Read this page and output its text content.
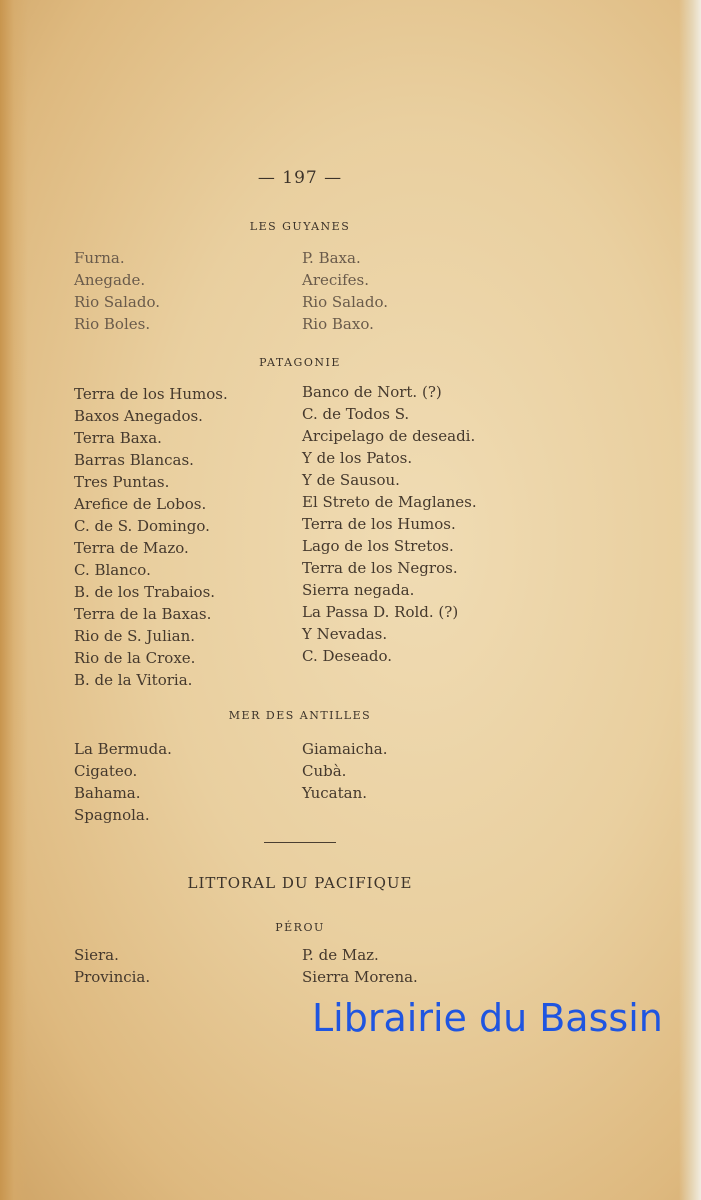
— 197 —
LES GUYANES
Furna.
Anegade.
Rio Salado.
Rio Boles.
P. Baxa.
Arecifes.
Rio Salado.
Rio Baxo.
PATAGONIE
Terra de los Humos.
Baxos Anegados.
Terra Baxa.
Barras Blancas.
Tres Puntas.
Arefice de Lobos.
C. de S. Domingo.
Terra de Mazo.
C. Blanco.
B. de los Trabaios.
Terra de la Baxas.
Rio de S. Julian.
Rio de la Croxe.
B. de la Vitoria.
Banco de Nort. (?)
C. de Todos S.
Arcipelago de deseadi.
Y de los Patos.
Y de Sausou.
El Streto de Maglanes.
Terra de los Humos.
Lago de los Stretos.
Terra de los Negros.
Sierra negada.
La Passa D. Rold. (?)
Y Nevadas.
C. Deseado.
MER DES ANTILLES
La Bermuda.
Cigateo.
Bahama.
Spagnola.
Giamaicha.
Cubà.
Yucatan.
LITTORAL DU PACIFIQUE
PÉROU
Siera.
Provincia.
P. de Maz.
Sierra Morena.
Librairie du Bassin
